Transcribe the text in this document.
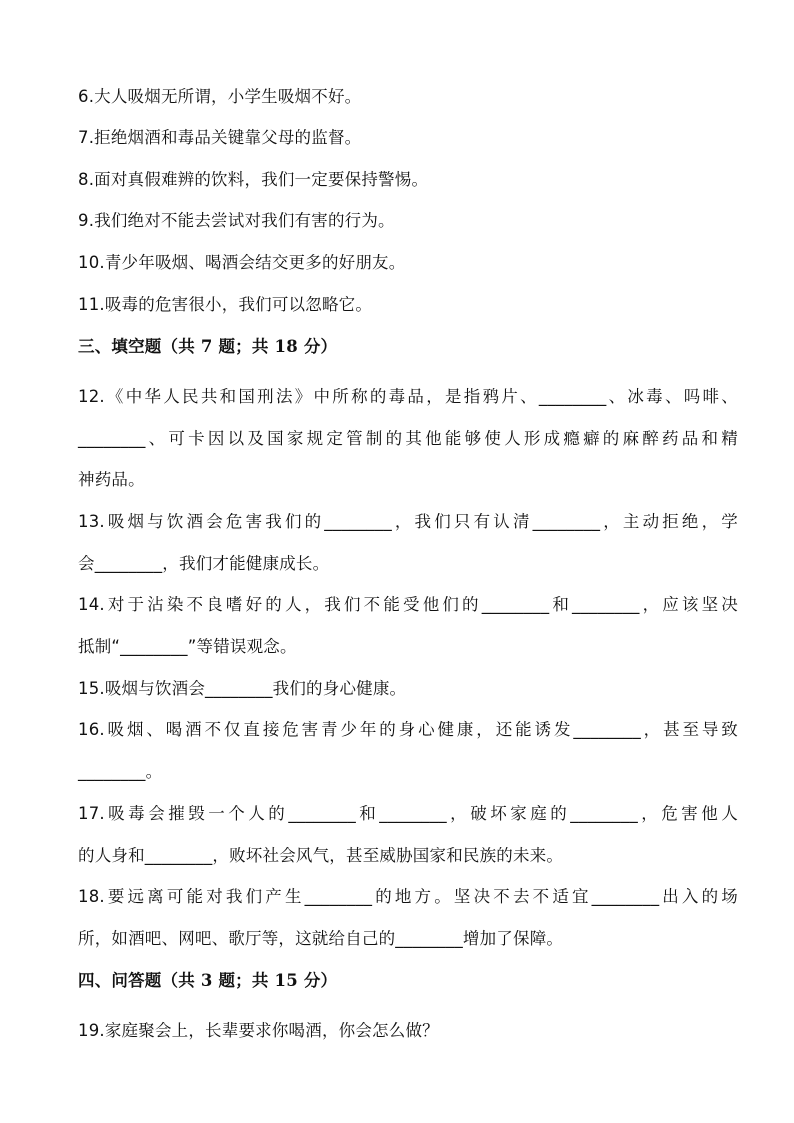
6.大人吸烟无所谓，小学生吸烟不好。
7.拒绝烟酒和毒品关键靠父母的监督。
8.面对真假难辨的饮料，我们一定要保持警惕。
9.我们绝对不能去尝试对我们有害的行为。
10.青少年吸烟、喝酒会结交更多的好朋友。
11.吸毒的危害很小，我们可以忽略它。
三、填空题（共 7 题；共 18 分）
12.《中华人民共和国刑法》中所称的毒品，是指鸦片、________、冰毒、吗啡、
________、可卡因以及国家规定管制的其他能够使人形成瘾癖的麻醉药品和精
神药品。
13.吸烟与饮酒会危害我们的________，我们只有认清________，主动拒绝，学
会________，我们才能健康成长。
14.对于沾染不良嗜好的人，我们不能受他们的________和________，应该坚决
抵制“________”等错误观念。
15.吸烟与饮酒会________我们的身心健康。
16.吸烟、喝酒不仅直接危害青少年的身心健康，还能诱发________，甚至导致
________。
17.吸毒会摧毁一个人的________和________，破坏家庭的________，危害他人
的人身和________，败坏社会风气，甚至威胁国家和民族的未来。
18.要远离可能对我们产生________的地方。坚决不去不适宜________出入的场
所，如酒吧、网吧、歌厅等，这就给自己的________增加了保障。
四、问答题（共 3 题；共 15 分）
19.家庭聚会上，长辈要求你喝酒，你会怎么做？
